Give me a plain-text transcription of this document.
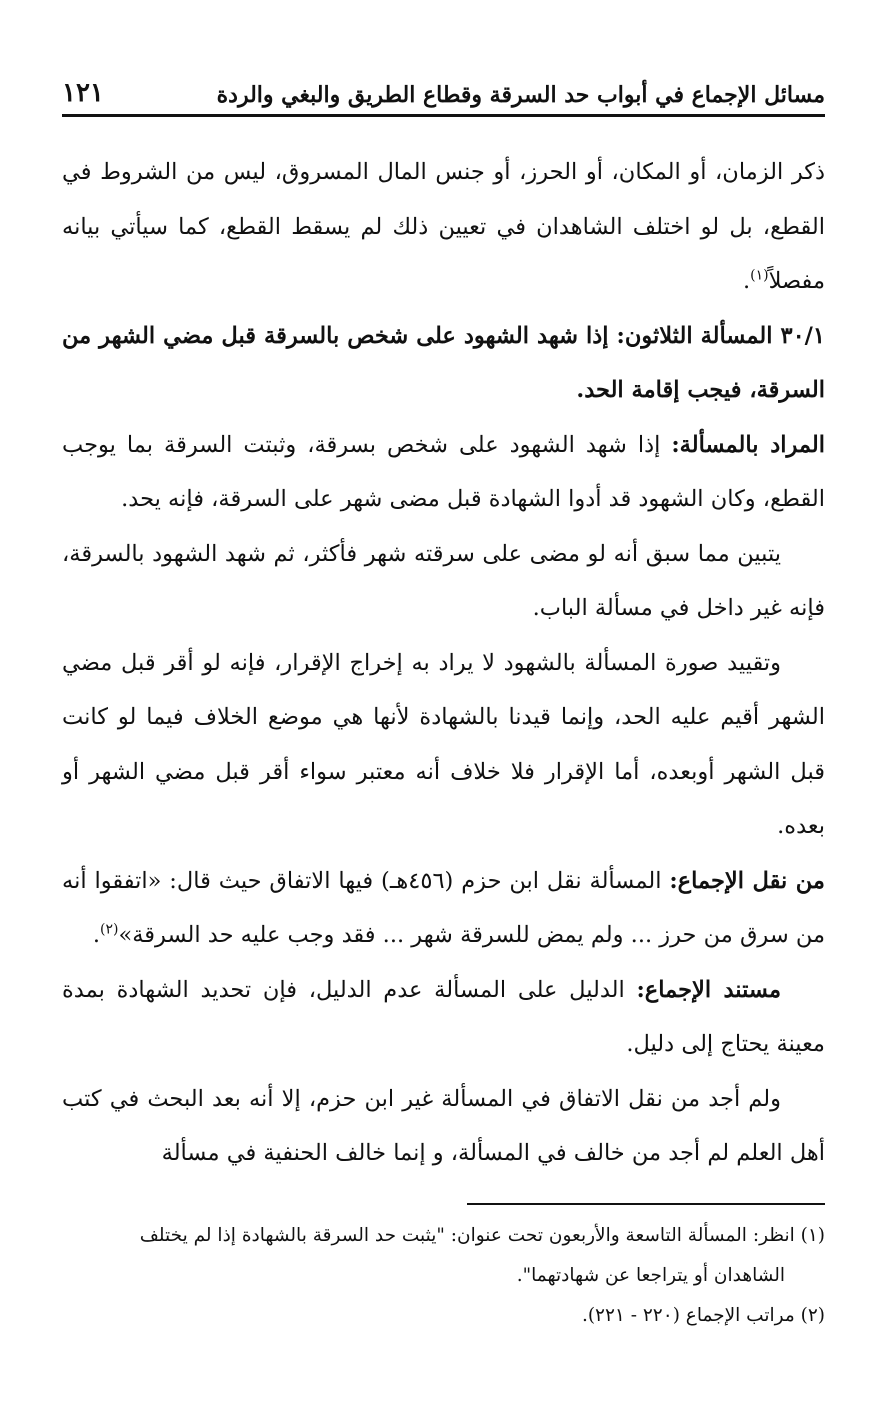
مسائل الإجماع في أبواب حد السرقة وقطاع الطريق والبغي والردة
١٢١

ذكر الزمان، أو المكان، أو الحرز، أو جنس المال المسروق، ليس من الشروط في القطع، بل لو اختلف الشاهدان في تعيين ذلك لم يسقط القطع، كما سيأتي بيانه مفصلاً$^{(١)}$.

٣٠/١ المسألة الثلاثون: إذا شهد الشهود على شخص بالسرقة قبل مضي الشهر من السرقة، فيجب إقامة الحد.

المراد بالمسألة: إذا شهد الشهود على شخص بسرقة، وثبتت السرقة بما يوجب القطع، وكان الشهود قد أدوا الشهادة قبل مضى شهر على السرقة، فإنه يحد.

يتبين مما سبق أنه لو مضى على سرقته شهر فأكثر، ثم شهد الشهود بالسرقة، فإنه غير داخل في مسألة الباب.

وتقييد صورة المسألة بالشهود لا يراد به إخراج الإقرار، فإنه لو أقر قبل مضي الشهر أقيم عليه الحد، وإنما قيدنا بالشهادة لأنها هي موضع الخلاف فيما لو كانت قبل الشهر أوبعده، أما الإقرار فلا خلاف أنه معتبر سواء أقر قبل مضي الشهر أو بعده.

من نقل الإجماع: المسألة نقل ابن حزم (٤٥٦هـ) فيها الاتفاق حيث قال: «اتفقوا أنه من سرق من حرز ... ولم يمض للسرقة شهر ... فقد وجب عليه حد السرقة»$^{(٢)}$.

مستند الإجماع: الدليل على المسألة عدم الدليل، فإن تحديد الشهادة بمدة معينة يحتاج إلى دليل.

ولم أجد من نقل الاتفاق في المسألة غير ابن حزم، إلا أنه بعد البحث في كتب أهل العلم لم أجد من خالف في المسألة، و إنما خالف الحنفية في مسألة

(١) انظر: المسألة التاسعة والأربعون تحت عنوان: "يثبت حد السرقة بالشهادة إذا لم يختلف

الشاهدان أو يتراجعا عن شهادتهما".

(٢) مراتب الإجماع (٢٢٠ - ٢٢١).
